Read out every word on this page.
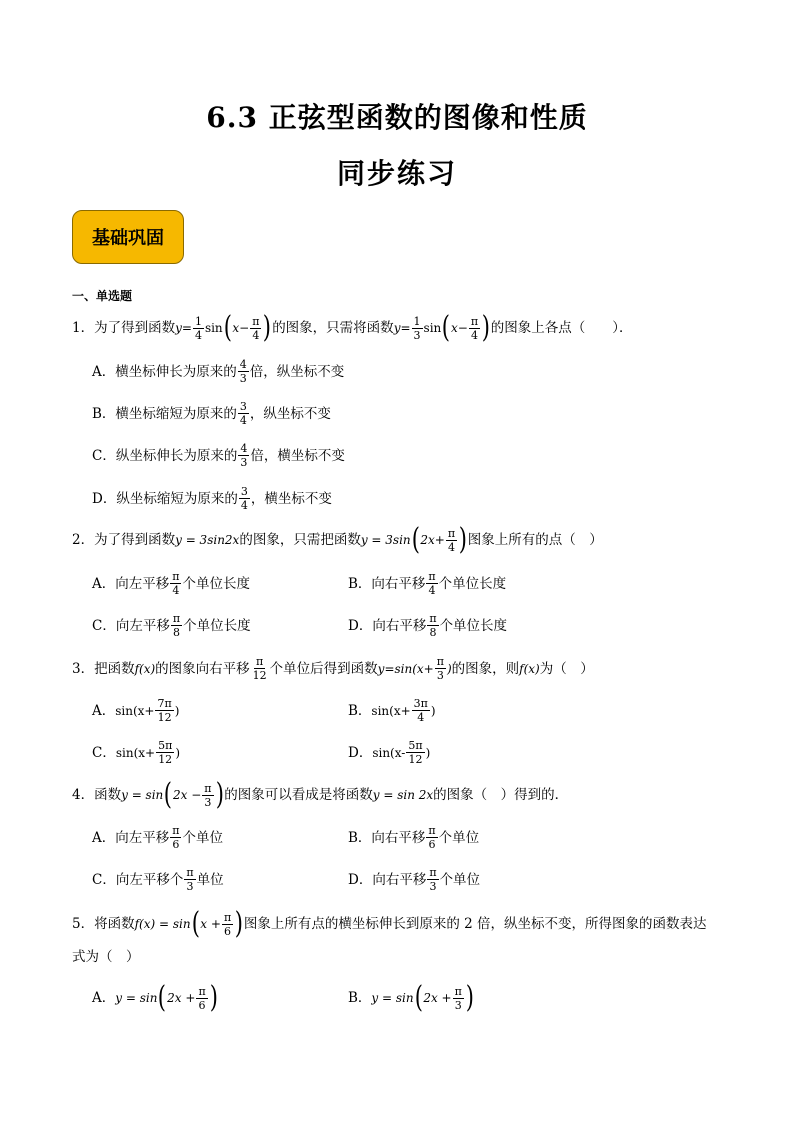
6.3 正弦型函数的图像和性质
同步练习
基础巩固
一、单选题
1．为了得到函数 $y = \frac{1}{4}$ sin ( $x - \frac{\pi}{4}$ ) 的图象，只需将函数 $y = \frac{1}{3}$ sin ( $x - \frac{\pi}{4}$ ) 的图象上各点（　　）．
A．横坐标伸长为原来的 $\frac{4}{3}$ 倍，纵坐标不变
B．横坐标缩短为原来的 $\frac{3}{4}$ ，纵坐标不变
C．纵坐标伸长为原来的 $\frac{4}{3}$ 倍，横坐标不变
D．纵坐标缩短为原来的 $\frac{3}{4}$ ，横坐标不变
2．为了得到函数 y = 3sin2x 的图象，只需把函数 y = 3sin ( $2x+ \frac{\pi}{4}$ ) 图象上所有的点（　）
A．向左平移 $\frac{\pi}{4}$ 个单位长度	B．向右平移 $\frac{\pi}{4}$ 个单位长度
C．向左平移 $\frac{\pi}{8}$ 个单位长度	D．向右平移 $\frac{\pi}{8}$ 个单位长度
3．把函数 f(x) 的图象向右平移 $\frac{\pi}{12}$ 个单位后得到函数 $y=\sin(x+ \frac{\pi}{3}$ ) 的图象，则 f(x) 为（　）
A． $\sin(x+ \frac{7\pi}{12}$ )	B． $\sin(x+ \frac{3\pi}{4}$ )
C． $\sin(x+ \frac{5\pi}{12}$ )	D． $\sin(x- \frac{5\pi}{12}$ )
4．函数 y = sin ( $2x - \frac{\pi}{3}$ ) 的图象可以看成是将函数 y = sin 2x 的图象（　）得到的．
A．向左平移 $\frac{\pi}{6}$ 个单位	B．向右平移 $\frac{\pi}{6}$ 个单位
C．向左平移个 $\frac{\pi}{3}$ 单位	D．向右平移 $\frac{\pi}{3}$ 个单位
5．将函数 f(x) = sin ( $x + \frac{\pi}{6}$ ) 图象上所有点的横坐标伸长到原来的 2 倍，纵坐标不变，所得图象的函数表达
式为（　）
A． y = sin ( $2x + \frac{\pi}{6}$ )	B． y = sin ( $2x + \frac{\pi}{3}$ )
